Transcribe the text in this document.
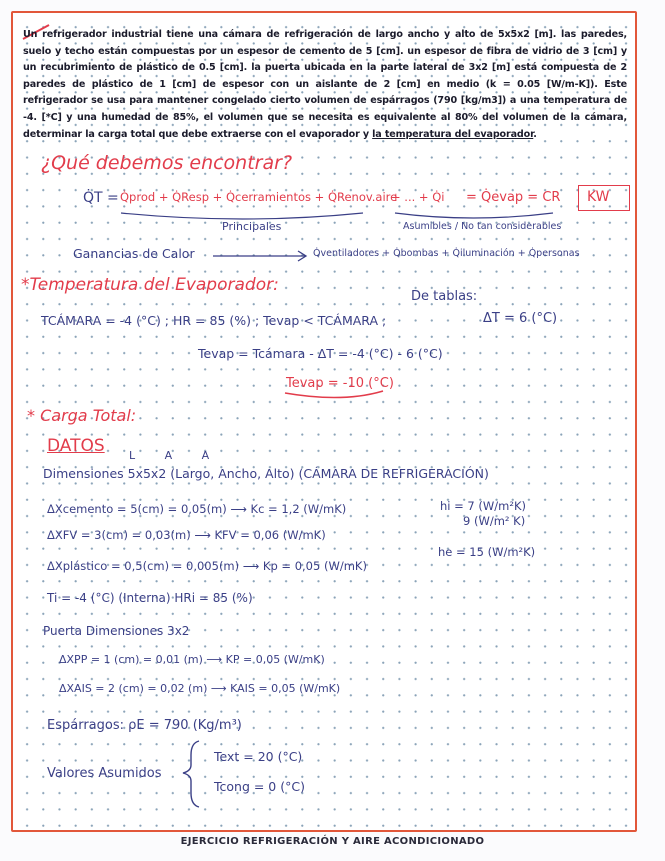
Un refrigerador industrial tiene una cámara de refrigeración de largo ancho y alto de 5x5x2 [m]. las paredes, suelo y techo están compuestas por un espesor de cemento de 5 [cm]. un espesor de fibra de vidrio de 3 [cm] y un recubrimiento de plástico de 0.5 [cm]. la puerta ubicada en la parte lateral de 3x2 [m] está compuesta de 2 paredes de plástico de 1 [cm] de espesor con un aislante de 2 [cm] en medio (k = 0.05 [W/m-K]). Este refrigerador se usa para mantener congelado cierto volumen de espárragos (790 [kg/m3]) a una temperatura de -4. [*C] y una humedad de 85%, el volumen que se necesita es equivalente al 80% del volumen de la cámara, determinar la carga total que debe extraerse con el evaporador y la temperatura del evaporador.
¿Qué debemos encontrar?
Q̇T = Q̇prod + Q̇Resp + Q̇cerramientos + Q̇Renov.aire
+ ... + Q̇i = Q̇evap = CR KW
Principales	Asumibles / No tan considerables
Ganancias de Calor	Q̇ventiladores + Q̇bombas + Q̇iluminación + Q̇personas
*Temperatura del Evaporador:
De tablas:
TCÁMARA = -4 (°C) ; HR = 85 (%) ; Tevap < TCÁMARA ;	ΔT = 6 (°C)
Tevap = Tcámara - ΔT = -4 (°C) - 6 (°C)
Tevap = -10 (°C)
* Carga Total:
DATOS L A A
Dimensiones 5x5x2 (Largo, Ancho, Alto) (CÁMARA DE REFRIGERACIÓN)
ΔXcemento = 5(cm) = 0,05(m) ⟶ Kc = 1,2 (W/mK)	hi = 7 (W/m²K)
9 (W/m² K)
ΔXFV = 3(cm) = 0,03(m) ⟶ KFV = 0,06 (W/mK)
he = 15 (W/m²K)
ΔXplástico = 0,5(cm) = 0,005(m) ⟶ Kp = 0,05 (W/mK)
Ti = -4 (°C) (Interna) HRi = 85 (%)
Puerta Dimensiones 3x2
ΔXPP = 1 (cm) = 0,01 (m) ⟶ KP = 0,05 (W/mK)
ΔXAIS = 2 (cm) = 0,02 (m) ⟶ KAIS = 0,05 (W/mK)
Espárragos: ρE = 790 (Kg/m³)
Valores Asumidos
Text = 20 (°C)
Tcong = 0 (°C)
EJERCICIO REFRIGERACIÓN Y AIRE ACONDICIONADO
